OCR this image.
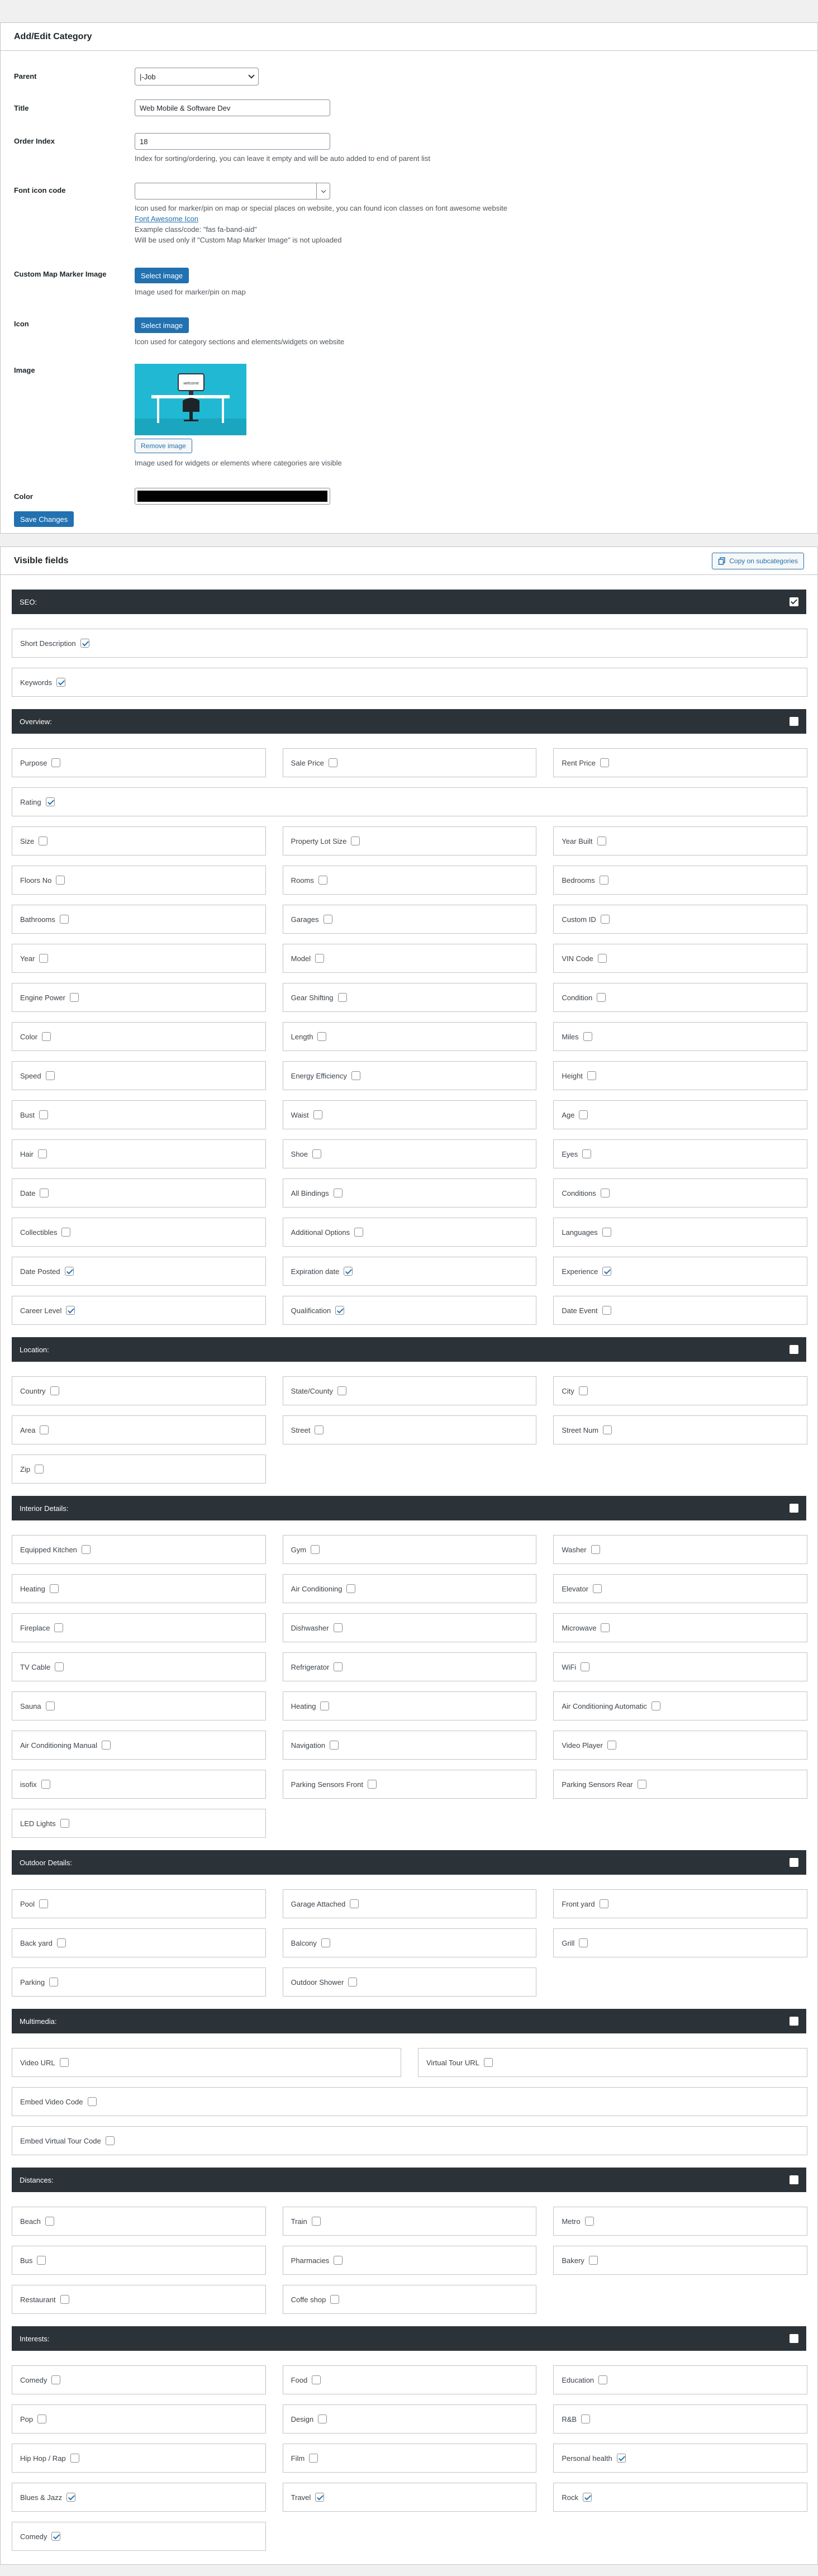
Add/Edit Category
Parent	|-Job
Title	Web Mobile & Software Dev
Order Index	18
Index for sorting/ordering, you can leave it empty and will be auto added to end of parent list
Font icon code
Icon used for marker/pin on map or special places on website, you can found icon classes on font awesome website
Font Awesome Icon
Example class/code: "fas fa-band-aid"
Will be used only if "Custom Map Marker Image" is not uploaded
Custom Map Marker Image	Select image
Image used for marker/pin on map
Icon	Select image
Icon used for category sections and elements/widgets on website
Image
welcome
Remove image
Image used for widgets or elements where categories are visible
Color
Save Changes
Visible fields	Copy on subcategories
SEO:
Short Description
Keywords
Overview:
Purpose	Sale Price	Rent Price
Rating
Size	Property Lot Size	Year Built
Floors No	Rooms	Bedrooms
Bathrooms	Garages	Custom ID
Year	Model	VIN Code
Engine Power	Gear Shifting	Condition
Color	Length	Miles
Speed	Energy Efficiency	Height
Bust	Waist	Age
Hair	Shoe	Eyes
Date	All Bindings	Conditions
Collectibles	Additional Options	Languages
Date Posted	Expiration date	Experience
Career Level	Qualification	Date Event
Location:
Country	State/County	City
Area	Street	Street Num
Zip
Interior Details:
Equipped Kitchen	Gym	Washer
Heating	Air Conditioning	Elevator
Fireplace	Dishwasher	Microwave
TV Cable	Refrigerator	WiFi
Sauna	Heating	Air Conditioning Automatic
Air Conditioning Manual	Navigation	Video Player
isofix	Parking Sensors Front	Parking Sensors Rear
LED Lights
Outdoor Details:
Pool	Garage Attached	Front yard
Back yard	Balcony	Grill
Parking	Outdoor Shower
Multimedia:
Video URL	Virtual Tour URL
Embed Video Code
Embed Virtual Tour Code
Distances:
Beach	Train	Metro
Bus	Pharmacies	Bakery
Restaurant	Coffe shop
Interests:
Comedy	Food	Education
Pop	Design	R&B
Hip Hop / Rap	Film	Personal health
Blues & Jazz	Travel	Rock
Comedy
